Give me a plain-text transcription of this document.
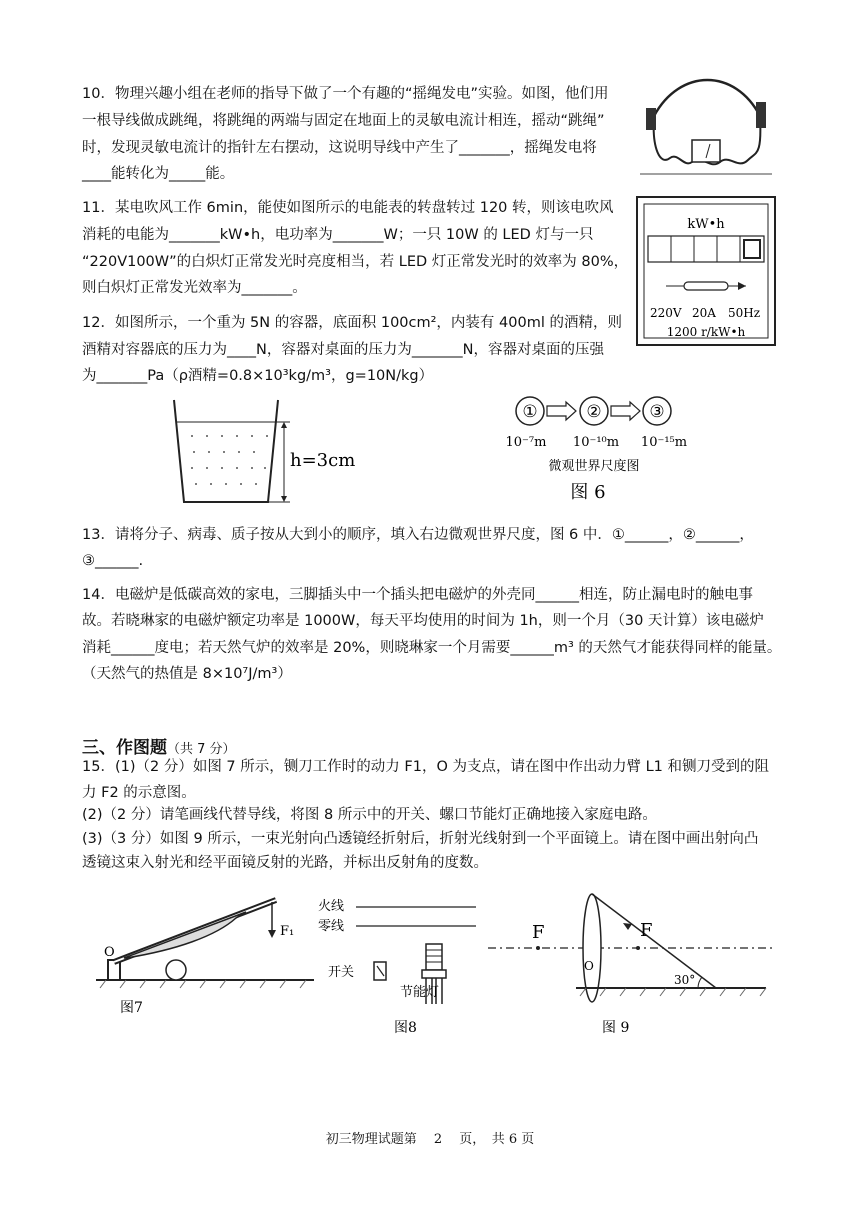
10．物理兴趣小组在老师的指导下做了一个有趣的“摇绳发电”实验。如图，他们用
一根导线做成跳绳，将跳绳的两端与固定在地面上的灵敏电流计相连，摇动“跳绳”
时，发现灵敏电流计的指针左右摆动，这说明导线中产生了_______，摇绳发电将
____能转化为_____能。
11．某电吹风工作 6min，能使如图所示的电能表的转盘转过 120 转，则该电吹风
消耗的电能为_______kW•h，电功率为_______W；一只 10W 的 LED 灯与一只
“220V100W”的白炽灯正常发光时亮度相当，若 LED 灯正常发光时的效率为 80%，
则白炽灯正常发光效率为_______。
kW•h
220V 20A 50Hz
1200 r/kW•h
12．如图所示，一个重为 5N 的容器，底面积 100cm²，内装有 400ml 的酒精，则
酒精对容器底的压力为____N，容器对桌面的压力为_______N，容器对桌面的压强
为_______Pa（ρ酒精=0.8×10³kg/m³，g=10N/kg）
h=3cm
①	②	③
10⁻⁷m 10⁻¹⁰m 10⁻¹⁵m
微观世界尺度图
图 6
13．请将分子、病毒、质子按从大到小的顺序，填入右边微观世界尺度，图 6 中．①______，②______，
③______.
14．电磁炉是低碳高效的家电，三脚插头中一个插头把电磁炉的外壳同______相连，防止漏电时的触电事
故。若晓琳家的电磁炉额定功率是 1000W，每天平均使用的时间为 1h，则一个月（30 天计算）该电磁炉
消耗______度电；若天然气炉的效率是 20%，则晓琳家一个月需要______m³ 的天然气才能获得同样的能量。
（天然气的热值是 8×10⁷J/m³）
三、作图题（共 7 分）
15．(1)（2 分）如图 7 所示，铡刀工作时的动力 F1，O 为支点，请在图中作出动力臂 L1 和铡刀受到的阻
力 F2 的示意图。
(2)（2 分）请笔画线代替导线，将图 8 所示中的开关、螺口节能灯正确地接入家庭电路。
(3)（3 分）如图 9 所示，一束光射向凸透镜经折射后，折射光线射到一个平面镜上。请在图中画出射向凸
透镜这束入射光和经平面镜反射的光路，并标出反射角的度数。
O
F₁
图7
火线
零线
开关
节能灯
图8
F	F
O
30°
图 9
初三物理试题第　 2 　页，　共 6 页
